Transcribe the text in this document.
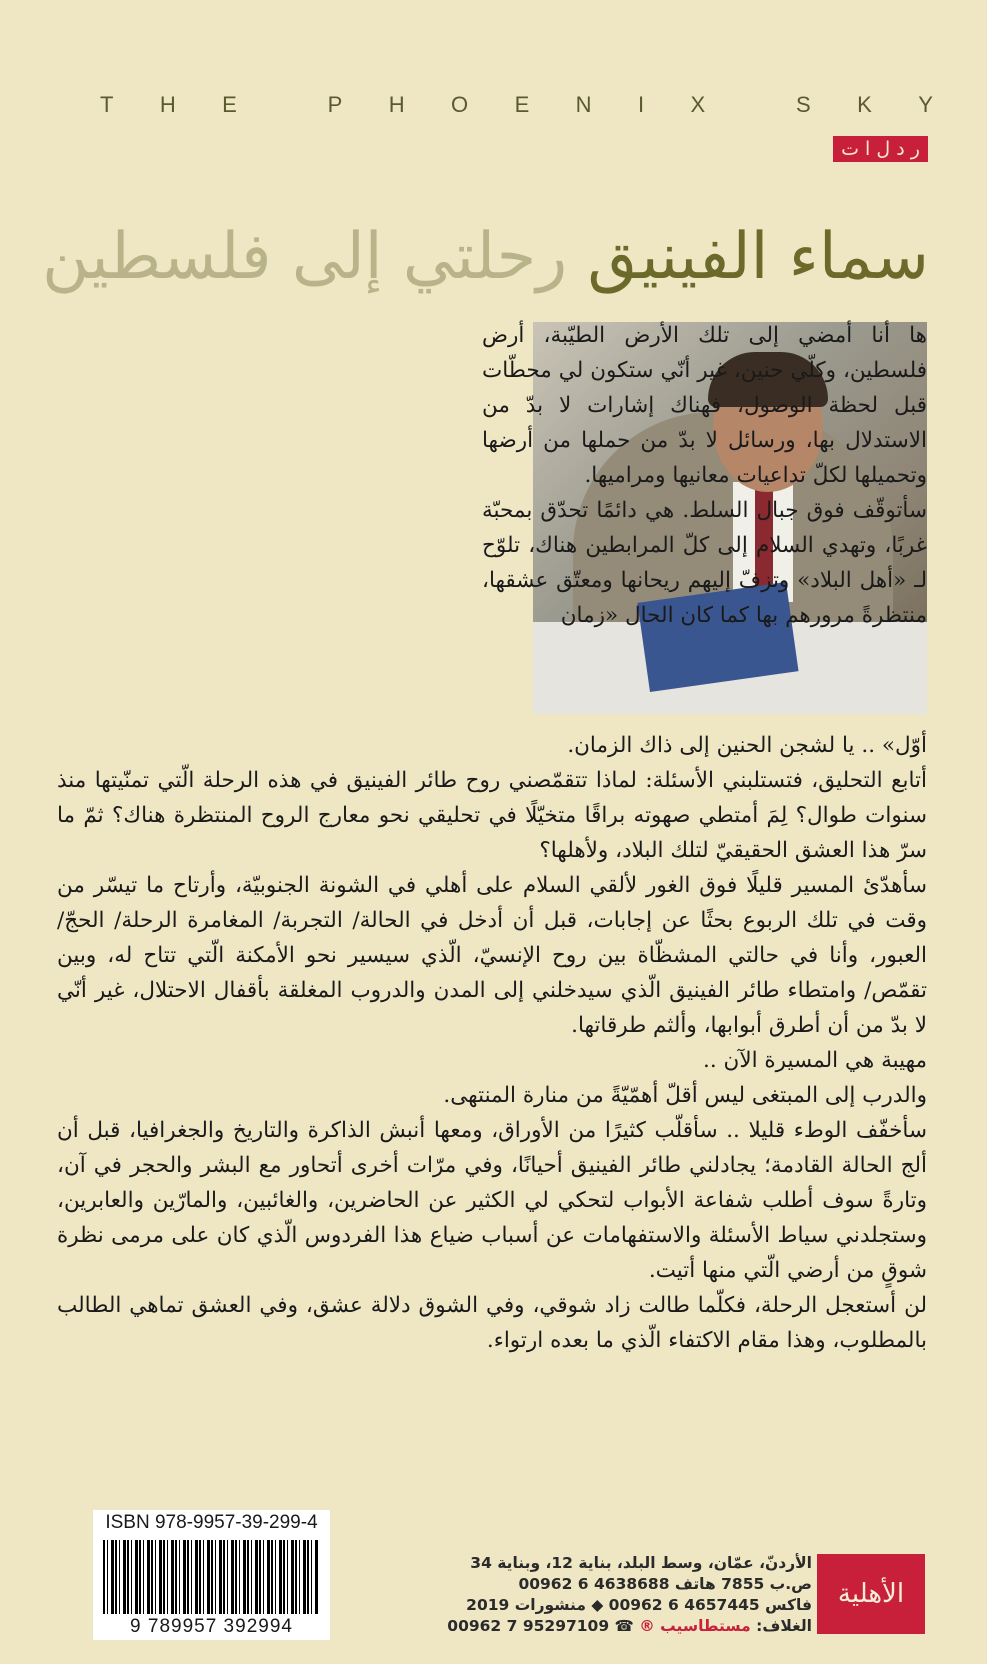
T H E	P H O E N I X	S K Y
ر د ل ا ت
سماء الفينيق رحلتي إلى فلسطين

ها أنا أمضي إلى تلك الأرض الطيّبة، أرض فلسطين، وكلّي حنين، غير أنّي ستكون لي محطّات قبل لحظة الوصول، فهناك إشارات لا بدّ من الاستدلال بها، ورسائل لا بدّ من حملها من أرضها وتحميلها لكلّ تداعيات معانيها ومراميها.

سأتوقّف فوق جبال السلط. هي دائمًا تحدّق بمحبّة غربًا، وتهدي السلام إلى كلّ المرابطين هناك، تلوّح لـ «أهل البلاد» وتزفّ إليهم ريحانها ومعتّق عشقها، منتظرةً مرورهم بها كما كان الحال «زمان

أوّل» .. يا لشجن الحنين إلى ذاك الزمان.

أتابع التحليق، فتستلبني الأسئلة: لماذا تتقمّصني روح طائر الفينيق في هذه الرحلة الّتي تمنّيتها منذ سنوات طوال؟ لِمَ أمتطي صهوته براقًا متخيّلًا في تحليقي نحو معارج الروح المنتظرة هناك؟ ثمّ ما سرّ هذا العشق الحقيقيّ لتلك البلاد، ولأهلها؟

سأهدّئ المسير قليلًا فوق الغور لألقي السلام على أهلي في الشونة الجنوبيّة، وأرتاح ما تيسّر من وقت في تلك الربوع بحثًا عن إجابات، قبل أن أدخل في الحالة/ التجربة/ المغامرة الرحلة/ الحجّ/ العبور، وأنا في حالتي المشظّاة بين روح الإنسيّ، الّذي سيسير نحو الأمكنة الّتي تتاح له، وبين تقمّص/ وامتطاء طائر الفينيق الّذي سيدخلني إلى المدن والدروب المغلقة بأقفال الاحتلال، غير أنّي لا بدّ من أن أطرق أبوابها، وألثم طرقاتها.

مهيبة هي المسيرة الآن ..

والدرب إلى المبتغى ليس أقلّ أهمّيّةً من منارة المنتهى.

سأخفّف الوطء قليلا .. سأقلّب كثيرًا من الأوراق، ومعها أنبش الذاكرة والتاريخ والجغرافيا، قبل أن ألج الحالة القادمة؛ يجادلني طائر الفينيق أحيانًا، وفي مرّات أخرى أتحاور مع البشر والحجر في آن، وتارةً سوف أطلب شفاعة الأبواب لتحكي لي الكثير عن الحاضرين، والغائبين، والمارّين والعابرين، وستجلدني سياط الأسئلة والاستفهامات عن أسباب ضياع هذا الفردوس الّذي كان على مرمى نظرة شوقٍ من أرضي الّتي منها أتيت.

لن أستعجل الرحلة، فكلّما طالت زاد شوقي، وفي الشوق دلالة عشق، وفي العشق تماهي الطالب بالمطلوب، وهذا مقام الاكتفاء الّذي ما بعده ارتواء.

ISBN 978-9957-39-299-4
9 789957 392994
الأردنّ، عمّان، وسط البلد، بناية 12، وبناية 34
ص.ب 7855 هاتف 4638688 6 00962
فاكس 4657445 6 00962 ◆ منشورات 2019
الغلاف: مستطاسيب ® ☎ 95297109 7 00962
الأهلية
